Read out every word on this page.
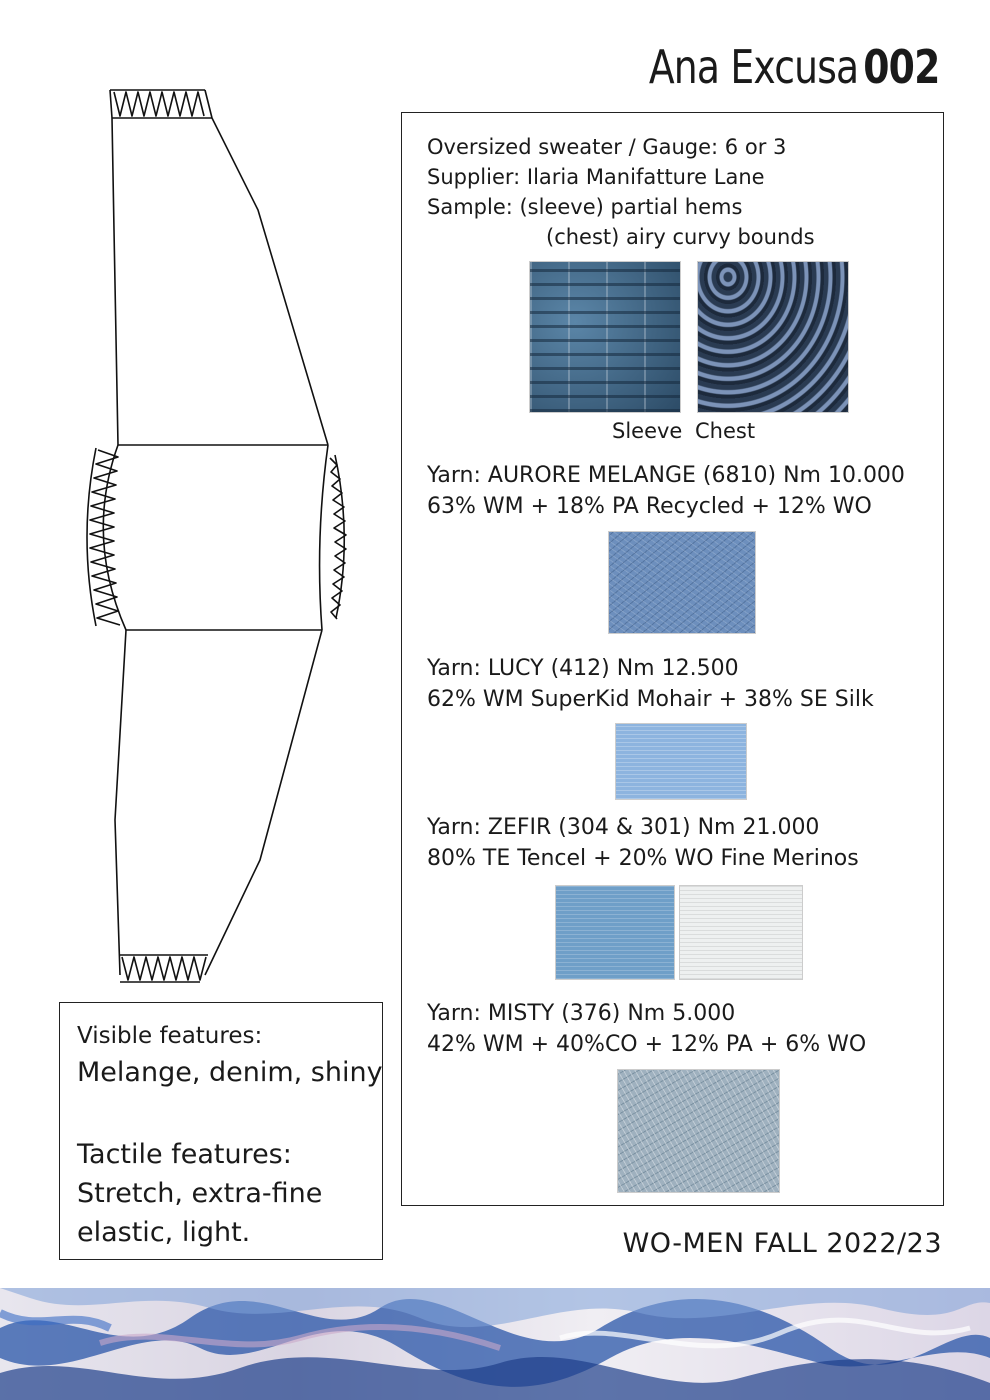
Ana Excusa 002
Oversized sweater / Gauge: 6 or 3
Supplier: Ilaria Manifatture Lane
Sample: (sleeve) partial hems
(chest) airy curvy bounds
Sleeve Chest
Yarn: AURORE MELANGE (6810) Nm 10.000
63% WM + 18% PA Recycled + 12% WO
Yarn: LUCY (412) Nm 12.500
62% WM SuperKid Mohair + 38% SE Silk
Yarn: ZEFIR (304 & 301) Nm 21.000
80% TE Tencel + 20% WO Fine Merinos
Yarn: MISTY (376) Nm 5.000
42% WM + 40%CO + 12% PA + 6% WO
Visible features:
Melange, denim, shiny
Tactile features:
Stretch, extra-fine
elastic, light.	WO-MEN FALL 2022/23
